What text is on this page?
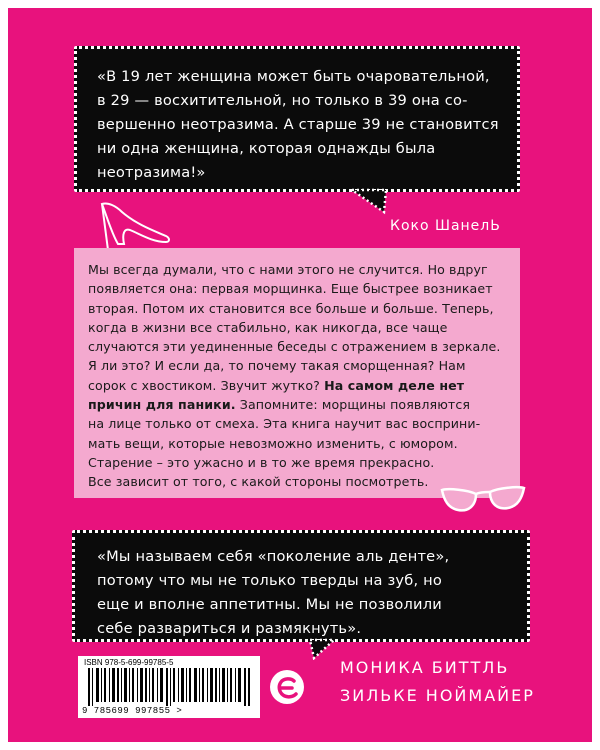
«В 19 лет женщина может быть очаровательной,
в 29 — восхитительной, но только в 39 она со-
вершенно неотразима. А старше 39 не становится
ни одна женщина, которая однажды была
неотразима!»

Коко ШанелЬ

Мы всегда думали, что с нами этого не случится. Но вдруг
появляется она: первая морщинка. Еще быстрее возникает
вторая. Потом их становится все больше и больше. Теперь,
когда в жизни все стабильно, как никогда, все чаще
случаются эти уединенные беседы с отражением в зеркале.
Я ли это? И если да, то почему такая сморщенная? Нам
сорок с хвостиком. Звучит жутко? На самом деле нет
причин для паники. Запомните: морщины появляются
на лице только от смеха. Эта книга научит вас восприни-
мать вещи, которые невозможно изменить, с юмором.
Старение – это ужасно и в то же время прекрасно.
Все зависит от того, с какой стороны посмотреть.

«Мы называем себя «поколение аль денте»,
потому что мы не только тверды на зуб, но
еще и вполне аппетитны. Мы не позволили
себе развариться и размякнуть».

МОНИКА БИТТЛЬ
ЗИЛЬКЕ НОЙМАЙЕР
ISBN 978-5-699-99785-5
9 785699 997855 >
